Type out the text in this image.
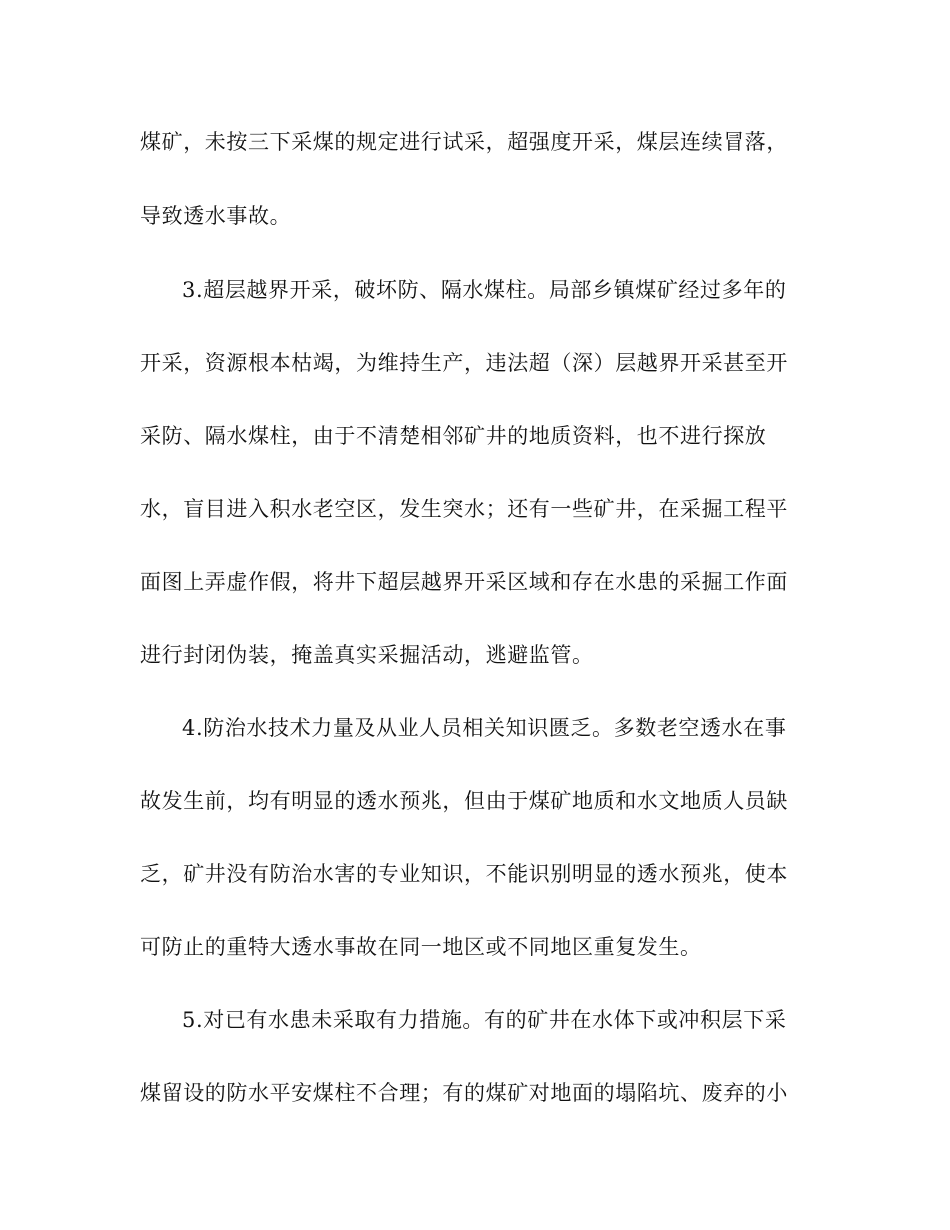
煤矿，未按三下采煤的规定进行试采，超强度开采，煤层连续冒落，
导致透水事故。
3.超层越界开采，破坏防、隔水煤柱。局部乡镇煤矿经过多年的
开采，资源根本枯竭，为维持生产，违法超（深）层越界开采甚至开
采防、隔水煤柱，由于不清楚相邻矿井的地质资料，也不进行探放
水，盲目进入积水老空区，发生突水；还有一些矿井，在采掘工程平
面图上弄虚作假，将井下超层越界开采区域和存在水患的采掘工作面
进行封闭伪装，掩盖真实采掘活动，逃避监管。
4.防治水技术力量及从业人员相关知识匮乏。多数老空透水在事
故发生前，均有明显的透水预兆，但由于煤矿地质和水文地质人员缺
乏，矿井没有防治水害的专业知识，不能识别明显的透水预兆，使本
可防止的重特大透水事故在同一地区或不同地区重复发生。
5.对已有水患未采取有力措施。有的矿井在水体下或冲积层下采
煤留设的防水平安煤柱不合理；有的煤矿对地面的塌陷坑、废弃的小
